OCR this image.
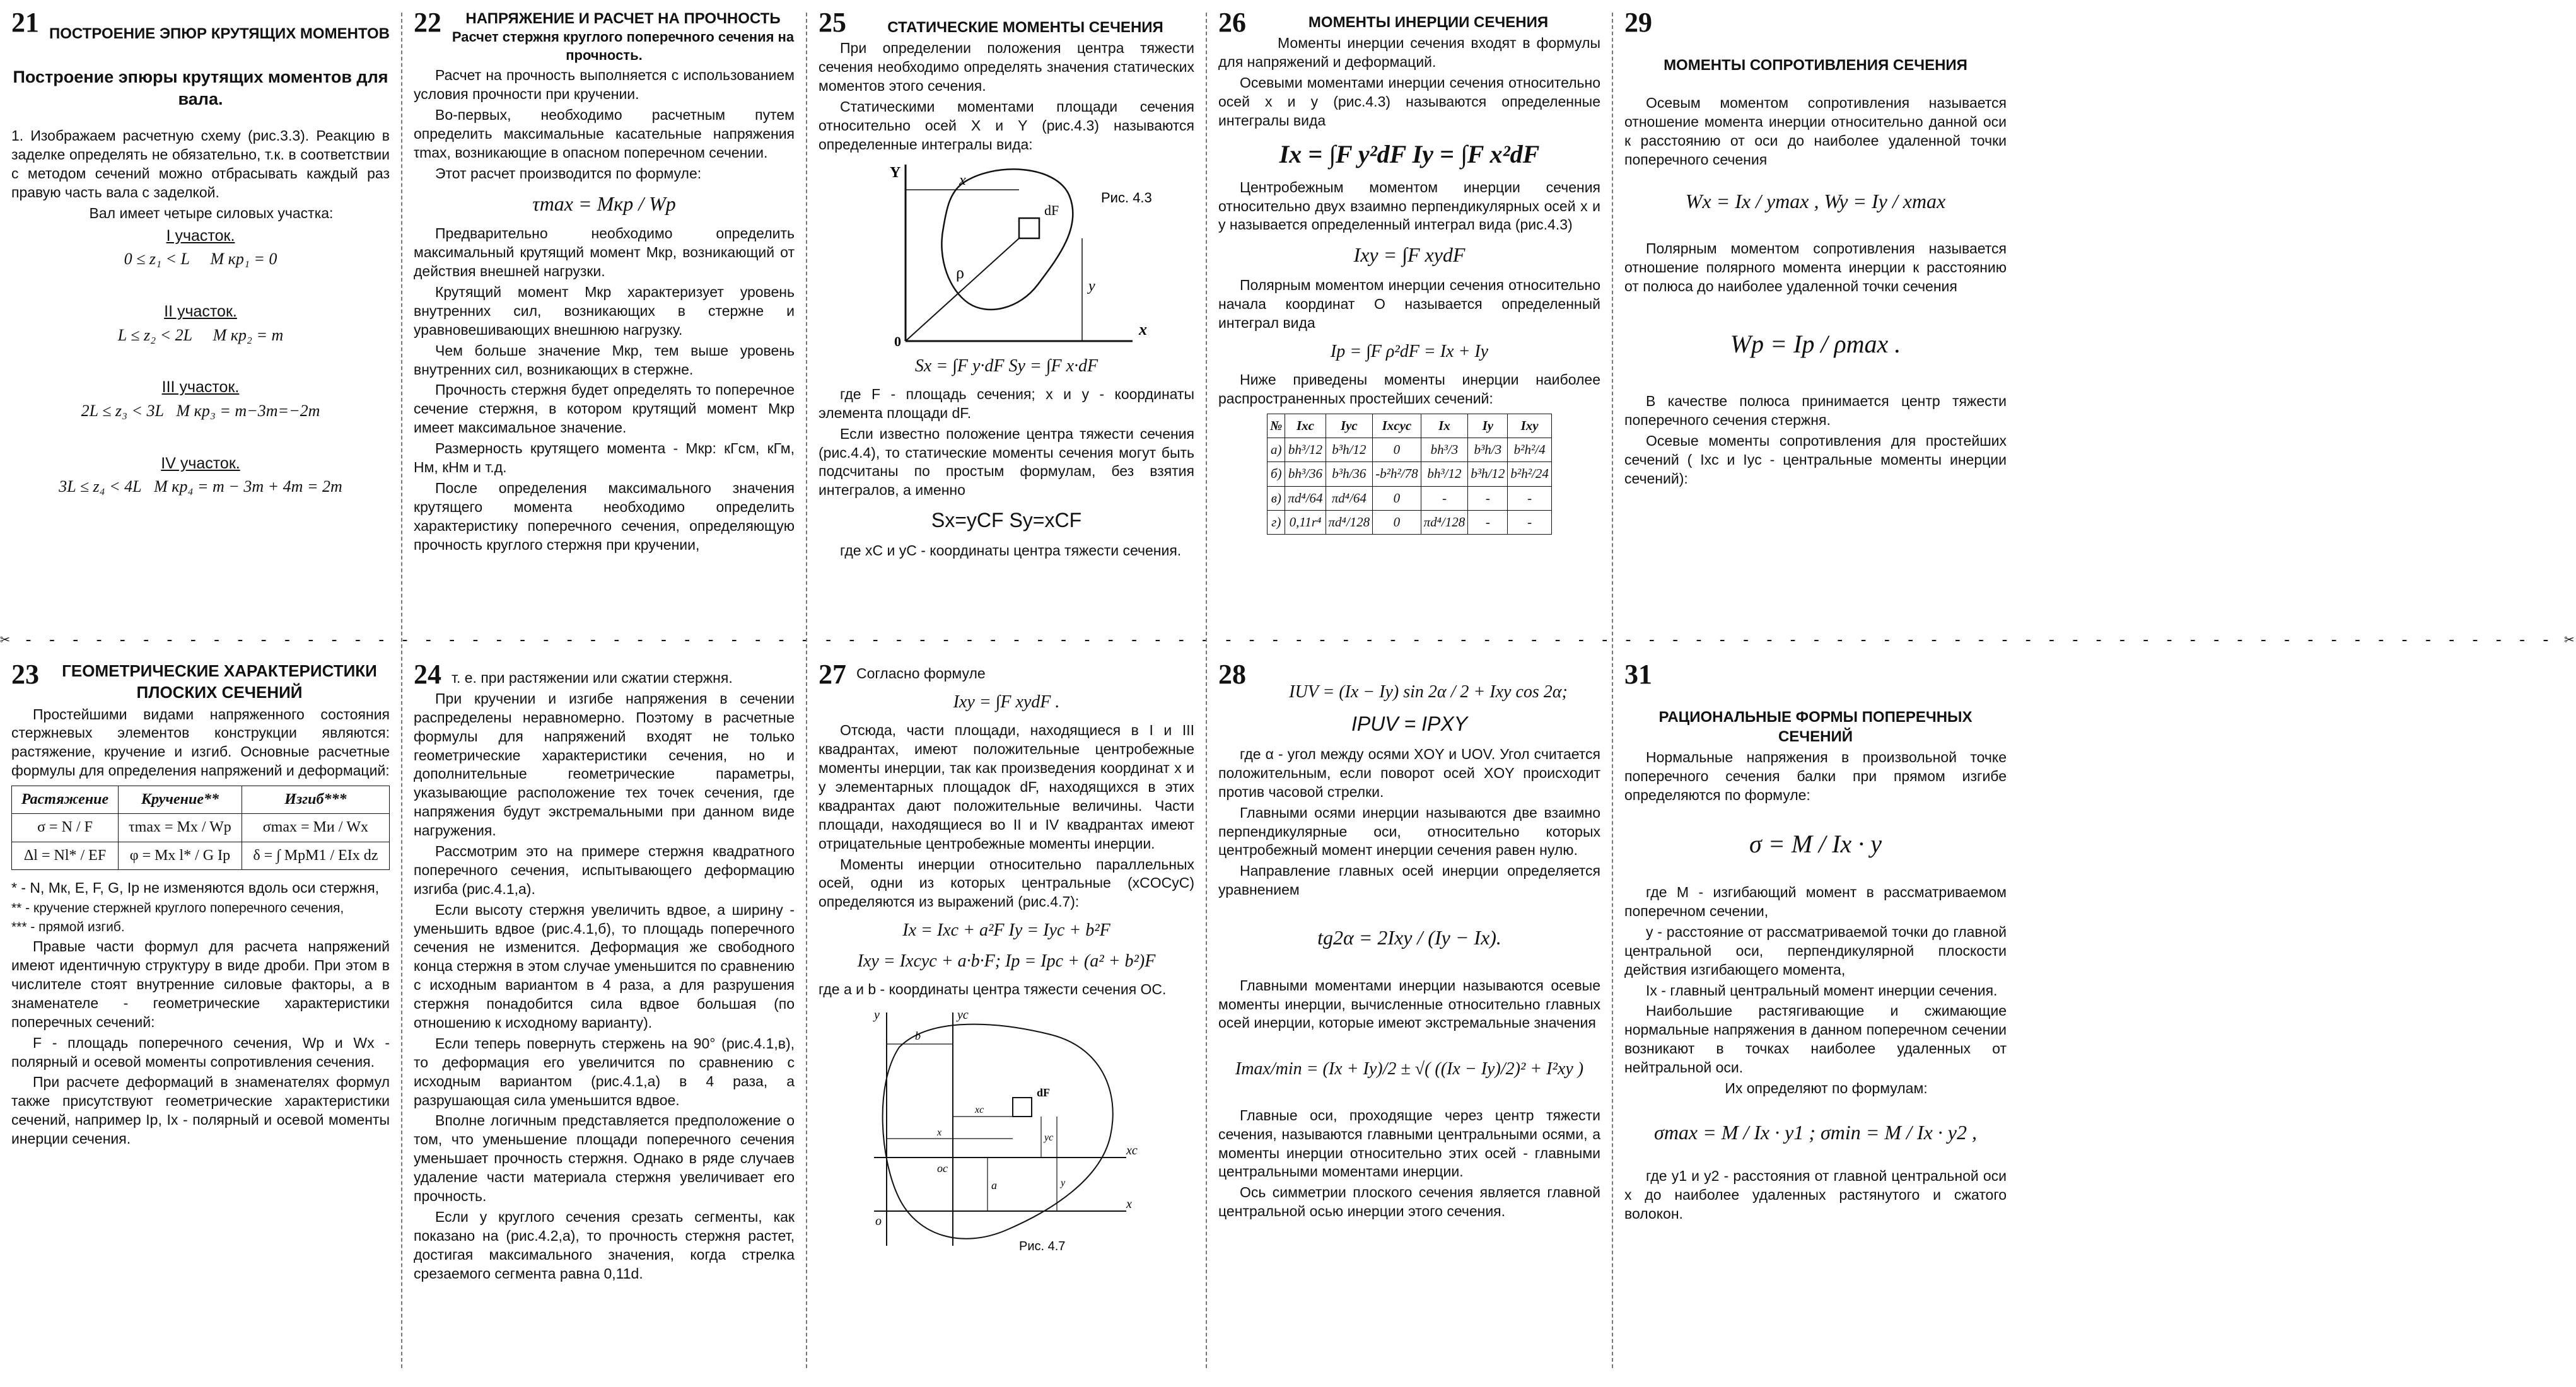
✂ - - - - - - - - - - - - - - - - - - - - - - - - - - - - - - - - - - - - - - - - - - - - - - - - - - - - - - - - - - - - - - - - - - - - - - - - - - - - - - - - - - - - - - - - - - - - - - - - - - - - - - - - - - - - ✂
21 ПОСТРОЕНИЕ ЭПЮР КРУТЯЩИХ МОМЕНТОВ
Построение эпюры крутящих моментов для вала.

1. Изображаем расчетную схему (рис.3.3). Реакцию в заделке определять не обязательно, т.к. в соответствии с методом сечений можно отбрасывать каждый раз правую часть вала с заделкой.

Вал имеет четыре силовых участка:

I участок.
0 ≤ z₁ < L M кр₁ = 0
II участок.
L ≤ z₂ < 2L M кр₂ = m
III участок.
2L ≤ z₃ < 3L M кр₃ = m−3m=−2m
IV участок.
3L ≤ z₄ < 4L M кр₄ = m − 3m + 4m = 2m
22	НАПРЯЖЕНИЕ И РАСЧЕТ НА ПРОЧНОСТЬ
Расчет стержня круглого поперечного сечения на прочность.

Расчет на прочность выполняется с использованием условия прочности при кручении.

Во-первых, необходимо расчетным путем определить максимальные касательные напряжения τmax, возникающие в опасном поперечном сечении.

Этот расчет производится по формуле:

τmax = Mкр / Wp

Предварительно необходимо определить максимальный крутящий момент Mкр, возникающий от действия внешней нагрузки.

Крутящий момент Mкр характеризует уровень внутренних сил, возникающих в стержне и уравновешивающих внешнюю нагрузку.

Чем больше значение Mкр, тем выше уровень внутренних сил, возникающих в стержне.

Прочность стержня будет определять то поперечное сечение стержня, в котором крутящий момент Mкр имеет максимальное значение.

Размерность крутящего момента - Mкр: кГсм, кГм, Нм, кНм и т.д.

После определения максимального значения крутящего момента необходимо определить характеристику поперечного сечения, определяющую прочность круглого стержня при кручении,

25	СТАТИЧЕСКИЕ МОМЕНТЫ СЕЧЕНИЯ

При определении положения центра тяжести сечения необходимо определять значения статических моментов этого сечения.

Статическими моментами площади сечения относительно осей X и Y (рис.4.3) называются определенные интегралы вида:

Y
x
0
dF
ρ
y
x
Рис. 4.3
Sx = ∫F y·dF Sy = ∫F x·dF

где F - площадь сечения; x и y - координаты элемента площади dF.

Если известно положение центра тяжести сечения (рис.4.4), то статические моменты сечения могут быть подсчитаны по простым формулам, без взятия интегралов, а именно

Sx=yCF Sy=xCF

где xC и yC - координаты центра тяжести сечения.

26	МОМЕНТЫ ИНЕРЦИИ СЕЧЕНИЯ

Моменты инерции сечения входят в формулы для напряжений и деформаций.

Осевыми моментами инерции сечения относительно осей x и y (рис.4.3) называются определенные интегралы вида

Ix = ∫F y²dF Iy = ∫F x²dF

Центробежным моментом инерции сечения относительно двух взаимно перпендикулярных осей x и y называется определенный интеграл вида (рис.4.3)

Ixy = ∫F xydF

Полярным моментом инерции сечения относительно начала координат O называется определенный интеграл вида

Ip = ∫F ρ²dF = Ix + Iy

Ниже приведены моменты инерции наиболее распространенных простейших сечений:

№	Ixc	Iyc	Ixcyc	Ix	Iy	Ixy
а)	bh³/12	b³h/12	0	bh³/3	b³h/3	b²h²/4
б)	bh³/36	b³h/36	-b²h²/78	bh³/12	b³h/12	b²h²/24
в)	πd⁴/64	πd⁴/64	0	-	-	-
г)	0,11r⁴	πd⁴/128	0	πd⁴/128	-	-
29
МОМЕНТЫ СОПРОТИВЛЕНИЯ СЕЧЕНИЯ

Осевым моментом сопротивления называется отношение момента инерции относительно данной оси к расстоянию от оси до наиболее удаленной точки поперечного сечения

Wx = Ix / ymax , Wy = Iy / xmax

Полярным моментом сопротивления называется отношение полярного момента инерции к расстоянию от полюса до наиболее удаленной точки сечения

Wp = Ip / ρmax .

В качестве полюса принимается центр тяжести поперечного сечения стержня.

Осевые моменты сопротивления для простейших сечений ( Ixc и Iyc - центральные моменты инерции сечений):

23	ГЕОМЕТРИЧЕСКИЕ ХАРАКТЕРИСТИКИ ПЛОСКИХ СЕЧЕНИЙ

Простейшими видами напряженного состояния стержневых элементов конструкции являются: растяжение, кручение и изгиб. Основные расчетные формулы для определения напряжений и деформаций:

Растяжение	Кручение**	Изгиб***
σ = N / F	τmax = Mx / Wp	σmax = Mи / Wx
Δl = Nl* / EF	φ = Mx l* / G Ip	δ = ∫ MpM1 / EIx dz

* - N, Mк, E, F, G, Ip не изменяются вдоль оси стержня,

** - кручение стержней круглого поперечного сечения,

*** - прямой изгиб.

Правые части формул для расчета напряжений имеют идентичную структуру в виде дроби. При этом в числителе стоят внутренние силовые факторы, а в знаменателе - геометрические характеристики поперечных сечений:

F - площадь поперечного сечения, Wp и Wx - полярный и осевой моменты сопротивления сечения.

При расчете деформаций в знаменателях формул также присутствуют геометрические характеристики сечений, например Ip, Ix - полярный и осевой моменты инерции сечения.

24 т. е. при растяжении или сжатии стержня.

При кручении и изгибе напряжения в сечении распределены неравномерно. Поэтому в расчетные формулы для напряжений входят не только геометрические характеристики сечения, но и дополнительные геометрические параметры, указывающие расположение тех точек сечения, где напряжения будут экстремальными при данном виде нагружения.

Рассмотрим это на примере стержня квадратного поперечного сечения, испытывающего деформацию изгиба (рис.4.1,а).

Если высоту стержня увеличить вдвое, а ширину - уменьшить вдвое (рис.4.1,б), то площадь поперечного сечения не изменится. Деформация же свободного конца стержня в этом случае уменьшится по сравнению с исходным вариантом в 4 раза, а для разрушения стержня понадобится сила вдвое большая (по отношению к исходному варианту).

Если теперь повернуть стержень на 90° (рис.4.1,в), то деформация его увеличится по сравнению с исходным вариантом (рис.4.1,а) в 4 раза, а разрушающая сила уменьшится вдвое.

Вполне логичным представляется предположение о том, что уменьшение площади поперечного сечения уменьшает прочность стержня. Однако в ряде случаев удаление части материала стержня увеличивает его прочность.

Если у круглого сечения срезать сегменты, как показано на (рис.4.2,а), то прочность стержня растет, достигая максимального значения, когда стрелка срезаемого сегмента равна 0,11d.

27 Согласно формуле
Ixy = ∫F xydF .

Отсюда, части площади, находящиеся в I и III квадрантах, имеют положительные центробежные моменты инерции, так как произведения координат x и y элементарных площадок dF, находящихся в этих квадрантах дают положительные величины. Части площади, находящиеся во II и IV квадрантах имеют отрицательные центробежные моменты инерции.

Моменты инерции относительно параллельных осей, одни из которых центральные (xCOCyC) определяются из выражений (рис.4.7):

Ix = Ixc + a²F Iy = Iyc + b²F
Ixy = Ixcyc + a·b·F; Ip = Ipc + (a² + b²)F

где a и b - координаты центра тяжести сечения OC.

y	yc
xc
x
o
oc
dF
a
b
xc
x	yc
y
Рис. 4.7
28
IUV = (Ix − Iy) sin 2α / 2 + Ixy cos 2α;
IPUV = IPXY

где α - угол между осями XOY и UOV. Угол считается положительным, если поворот осей XOY происходит против часовой стрелки.

Главными осями инерции называются две взаимно перпендикулярные оси, относительно которых центробежный момент инерции сечения равен нулю.

Направление главных осей инерции определяется уравнением

tg2α = 2Ixy / (Iy − Ix).

Главными моментами инерции называются осевые моменты инерции, вычисленные относительно главных осей инерции, которые имеют экстремальные значения

Imax/min = (Ix + Iy)/2 ± √( ((Ix − Iy)/2)² + I²xy )

Главные оси, проходящие через центр тяжести сечения, называются главными центральными осями, а моменты инерции относительно этих осей - главными центральными моментами инерции.

Ось симметрии плоского сечения является главной центральной осью инерции этого сечения.

31
РАЦИОНАЛЬНЫЕ ФОРМЫ ПОПЕРЕЧНЫХ СЕЧЕНИЙ

Нормальные напряжения в произвольной точке поперечного сечения балки при прямом изгибе определяются по формуле:

σ = M / Ix · y

где M - изгибающий момент в рассматриваемом поперечном сечении,

y - расстояние от рассматриваемой точки до главной центральной оси, перпендикулярной плоскости действия изгибающего момента,

Ix - главный центральный момент инерции сечения.

Наибольшие растягивающие и сжимающие нормальные напряжения в данном поперечном сечении возникают в точках наиболее удаленных от нейтральной оси.

Их определяют по формулам:

σmax = M / Ix · y1 ; σmin = M / Ix · y2 ,

где y1 и y2 - расстояния от главной центральной оси x до наиболее удаленных растянутого и сжатого волокон.
